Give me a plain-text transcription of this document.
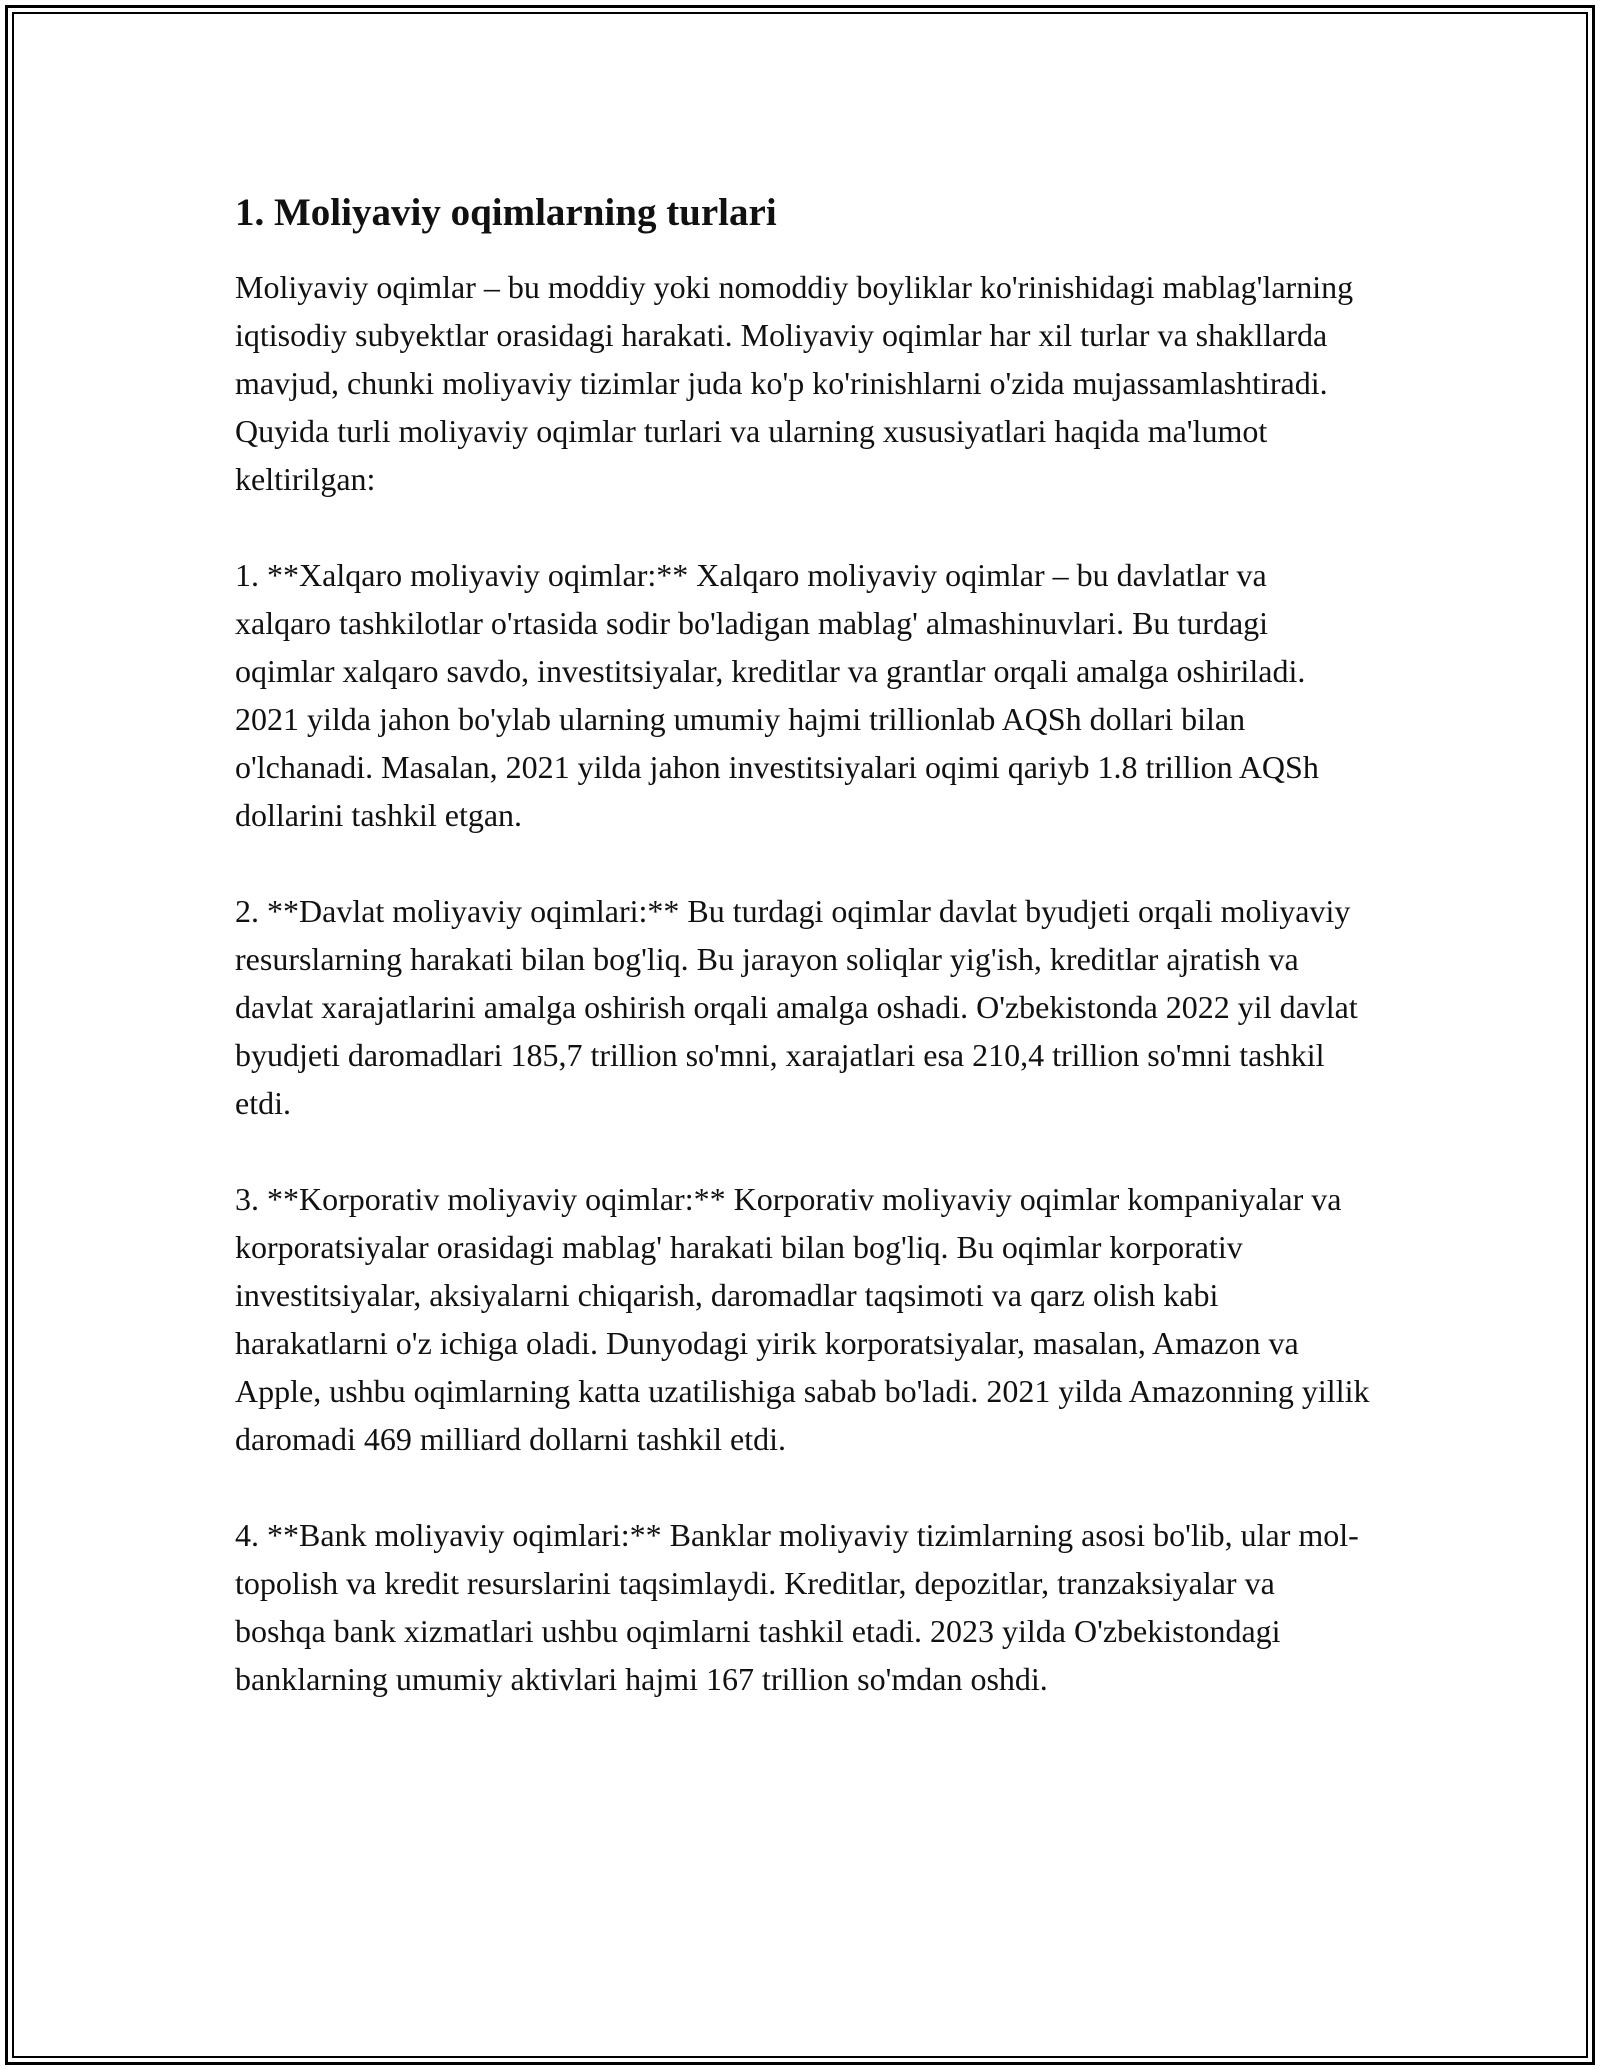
1. Moliyaviy oqimlarning turlari

Moliyaviy oqimlar – bu moddiy yoki nomoddiy boyliklar ko'rinishidagi mablag'larning iqtisodiy subyektlar orasidagi harakati. Moliyaviy oqimlar har xil turlar va shakllarda mavjud, chunki moliyaviy tizimlar juda ko'p ko'rinishlarni o'zida mujassamlashtiradi. Quyida turli moliyaviy oqimlar turlari va ularning xususiyatlari haqida ma'lumot keltirilgan:

1. **Xalqaro moliyaviy oqimlar:** Xalqaro moliyaviy oqimlar – bu davlatlar va xalqaro tashkilotlar o'rtasida sodir bo'ladigan mablag' almashinuvlari. Bu turdagi oqimlar xalqaro savdo, investitsiyalar, kreditlar va grantlar orqali amalga oshiriladi. 2021 yilda jahon bo'ylab ularning umumiy hajmi trillionlab AQSh dollari bilan o'lchanadi. Masalan, 2021 yilda jahon investitsiyalari oqimi qariyb 1.8 trillion AQSh dollarini tashkil etgan.

2. **Davlat moliyaviy oqimlari:** Bu turdagi oqimlar davlat byudjeti orqali moliyaviy resurslarning harakati bilan bog'liq. Bu jarayon soliqlar yig'ish, kreditlar ajratish va davlat xarajatlarini amalga oshirish orqali amalga oshadi. O'zbekistonda 2022 yil davlat byudjeti daromadlari 185,7 trillion so'mni, xarajatlari esa 210,4 trillion so'mni tashkil etdi.

3. **Korporativ moliyaviy oqimlar:** Korporativ moliyaviy oqimlar kompaniyalar va korporatsiyalar orasidagi mablag' harakati bilan bog'liq. Bu oqimlar korporativ investitsiyalar, aksiyalarni chiqarish, daromadlar taqsimoti va qarz olish kabi harakatlarni o'z ichiga oladi. Dunyodagi yirik korporatsiyalar, masalan, Amazon va Apple, ushbu oqimlarning katta uzatilishiga sabab bo'ladi. 2021 yilda Amazonning yillik daromadi 469 milliard dollarni tashkil etdi.

4. **Bank moliyaviy oqimlari:** Banklar moliyaviy tizimlarning asosi bo'lib, ular mol-topolish va kredit resurslarini taqsimlaydi. Kreditlar, depozitlar, tranzaksiyalar va boshqa bank xizmatlari ushbu oqimlarni tashkil etadi. 2023 yilda O'zbekistondagi banklarning umumiy aktivlari hajmi 167 trillion so'mdan oshdi.
